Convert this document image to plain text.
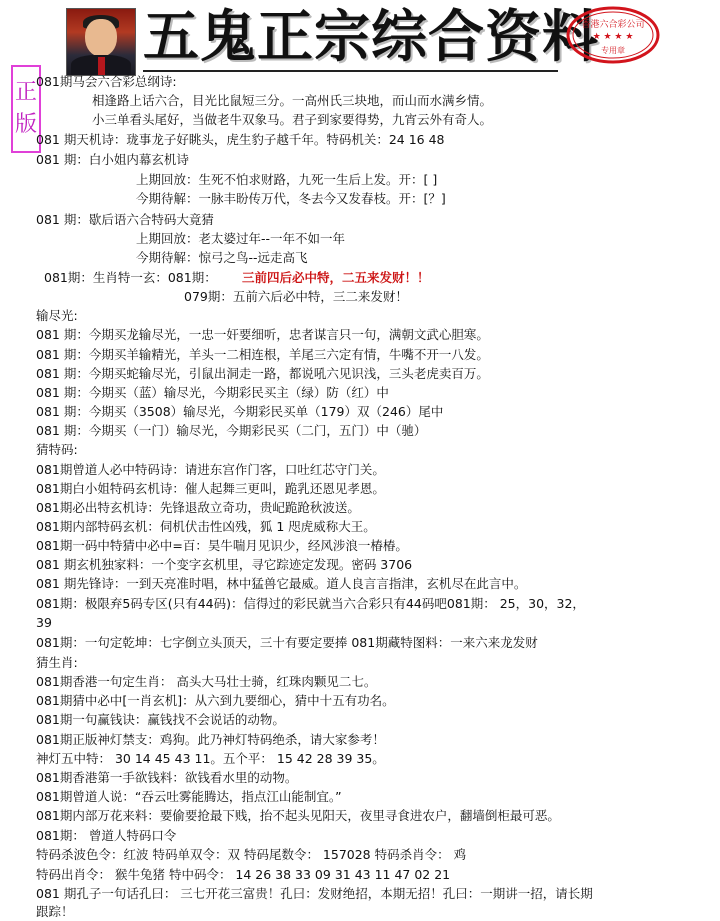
五鬼正宗综合资料
香港六合彩公司
★ ★ ★ ★
专用章
正
版
081期马会六合彩总纲诗:
相逢路上话六合，目光比鼠短三分。一高州氏三块地，而山而水满乡情。
小三单看头尾好，当做老牛双象马。君子到家要得势，九宵云外有奇人。
081 期天机诗：珑事龙子好眺头，虎生豹子越千年。特码机关：24 16 48
081 期：白小姐内幕玄机诗
上期回放：生死不怕求财路，九死一生后上发。开：[ ]
今期待解：一脉丰盼传万代，冬去今又发春枝。开：[？]
081 期：歇后语六合特码大竟猜
上期回放：老太婆过年--一年不如一年
今期待解：惊弓之鸟--远走高飞
081期：生肖特一玄：081期： 三前四后必中特，二五来发财！！
079期：五前六后必中特，三二来发财！
输尽光:
081 期：今期买龙输尽光，一忠一奸要细听，忠者谋言只一句，满朝文武心胆寒。
081 期：今期买羊输精光，羊头一二相连根，羊尾三六定有情，牛嘴不开一八发。
081 期：今期买蛇输尽光，引鼠出洞走一路，都说吼六见识浅，三头老虎卖百万。
081 期：今期买（蓝）输尽光，今期彩民买主（绿）防（红）中
081 期：今期买（3508）输尽光，今期彩民买单（179）双（246）尾中
081 期：今期买（一门）输尽光，今期彩民买（二门，五门）中（驰）
猜特码:
081期曾道人必中特码诗：请进东宫作门客，口吐红芯守门关。
081期白小姐特码玄机诗：催人起舞三更叫，跪乳还恩见孝恩。
081期必出特玄机诗：先锋退敌立奇功，贵屺跪跄秋波送。
081期内部特码玄机：伺机伏击性凶残，狐 1 咫虎威称大王。
081期一码中特猜中必中=百：昊牛喘月见识少，经风涉浪一椿椿。
081 期玄机独家料：一个变字玄机里，寻它踪迹定发现。密码 3706
081 期先锋诗：一到天亮准时唱，林中猛兽它最威。道人良言言指津，玄机尽在此言中。
081期：极限弃5码专区(只有44码)：信得过的彩民就当六合彩只有44码吧081期： 25，30，32，
39
081期：一句定乾坤：七字倒立头顶天，三十有要定要捧 081期藏特图料：一来六来龙发财
猜生肖:
081期香港一句定生肖： 高头大马壮士骑，红珠肉颗见二七。
081期猜中必中[一肖玄机]：从六到九要细心，猜中十五有功名。
081期一句赢钱诀：赢钱找不会说话的动物。
081期正版神灯禁支：鸡狗。此乃神灯特码绝杀，请大家参考！
神灯五中特： 30 14 45 43 11。五个平： 15 42 28 39 35。
081期香港第一手欲钱料：欲钱看水里的动物。
081期曾道人说：“吞云吐雾能腾达，指点江山能制宜。”
081期内部万花来料：要偷要抢最下贱，抬不起头见阳天，夜里寻食进农户，翻墙倒柜最可恶。
081期： 曾道人特码口令
特码杀波色令：红波 特码单双令：双 特码尾数令： 157028 特码杀肖令： 鸡
特码出肖令： 猴牛兔猪 特中码令： 14 26 38 33 09 31 43 11 47 02 21
081 期孔子一句话孔曰： 三七开花三富贵！孔曰：发财绝招，本期无招！孔曰：一期讲一招，请长期
跟踪！
